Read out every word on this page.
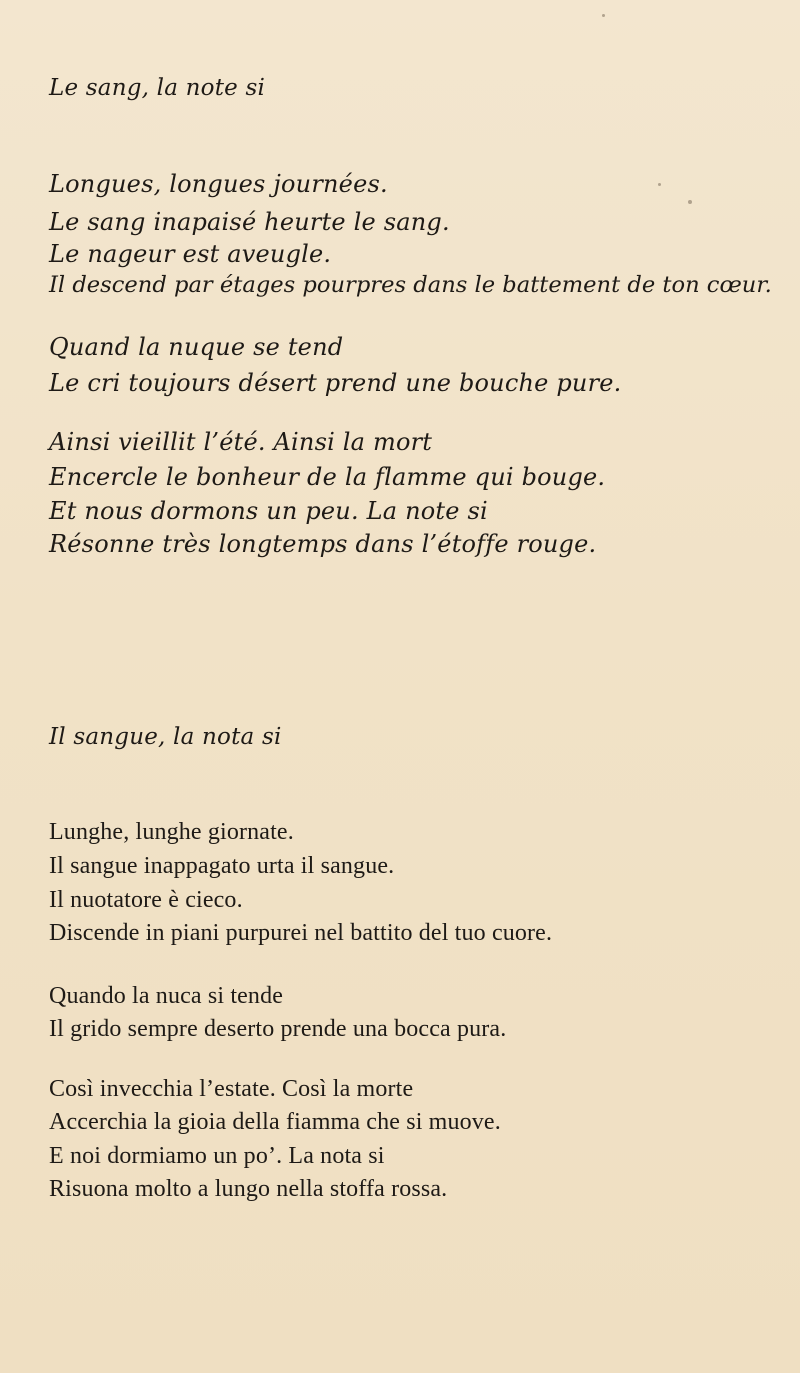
Le sang, la note si

Longues, longues journées.

Le sang inapaisé heurte le sang.

Le nageur est aveugle.

Il descend par étages pourpres dans le battement de ton cœur.

Quand la nuque se tend

Le cri toujours désert prend une bouche pure.

Ainsi vieillit l’été. Ainsi la mort

Encercle le bonheur de la flamme qui bouge.

Et nous dormons un peu. La note si

Résonne très longtemps dans l’étoffe rouge.

Il sangue, la nota si

Lunghe, lunghe giornate.

Il sangue inappagato urta il sangue.

Il nuotatore è cieco.

Discende in piani purpurei nel battito del tuo cuore.

Quando la nuca si tende

Il grido sempre deserto prende una bocca pura.

Così invecchia l’estate. Così la morte

Accerchia la gioia della fiamma che si muove.

E noi dormiamo un po’. La nota si

Risuona molto a lungo nella stoffa rossa.
